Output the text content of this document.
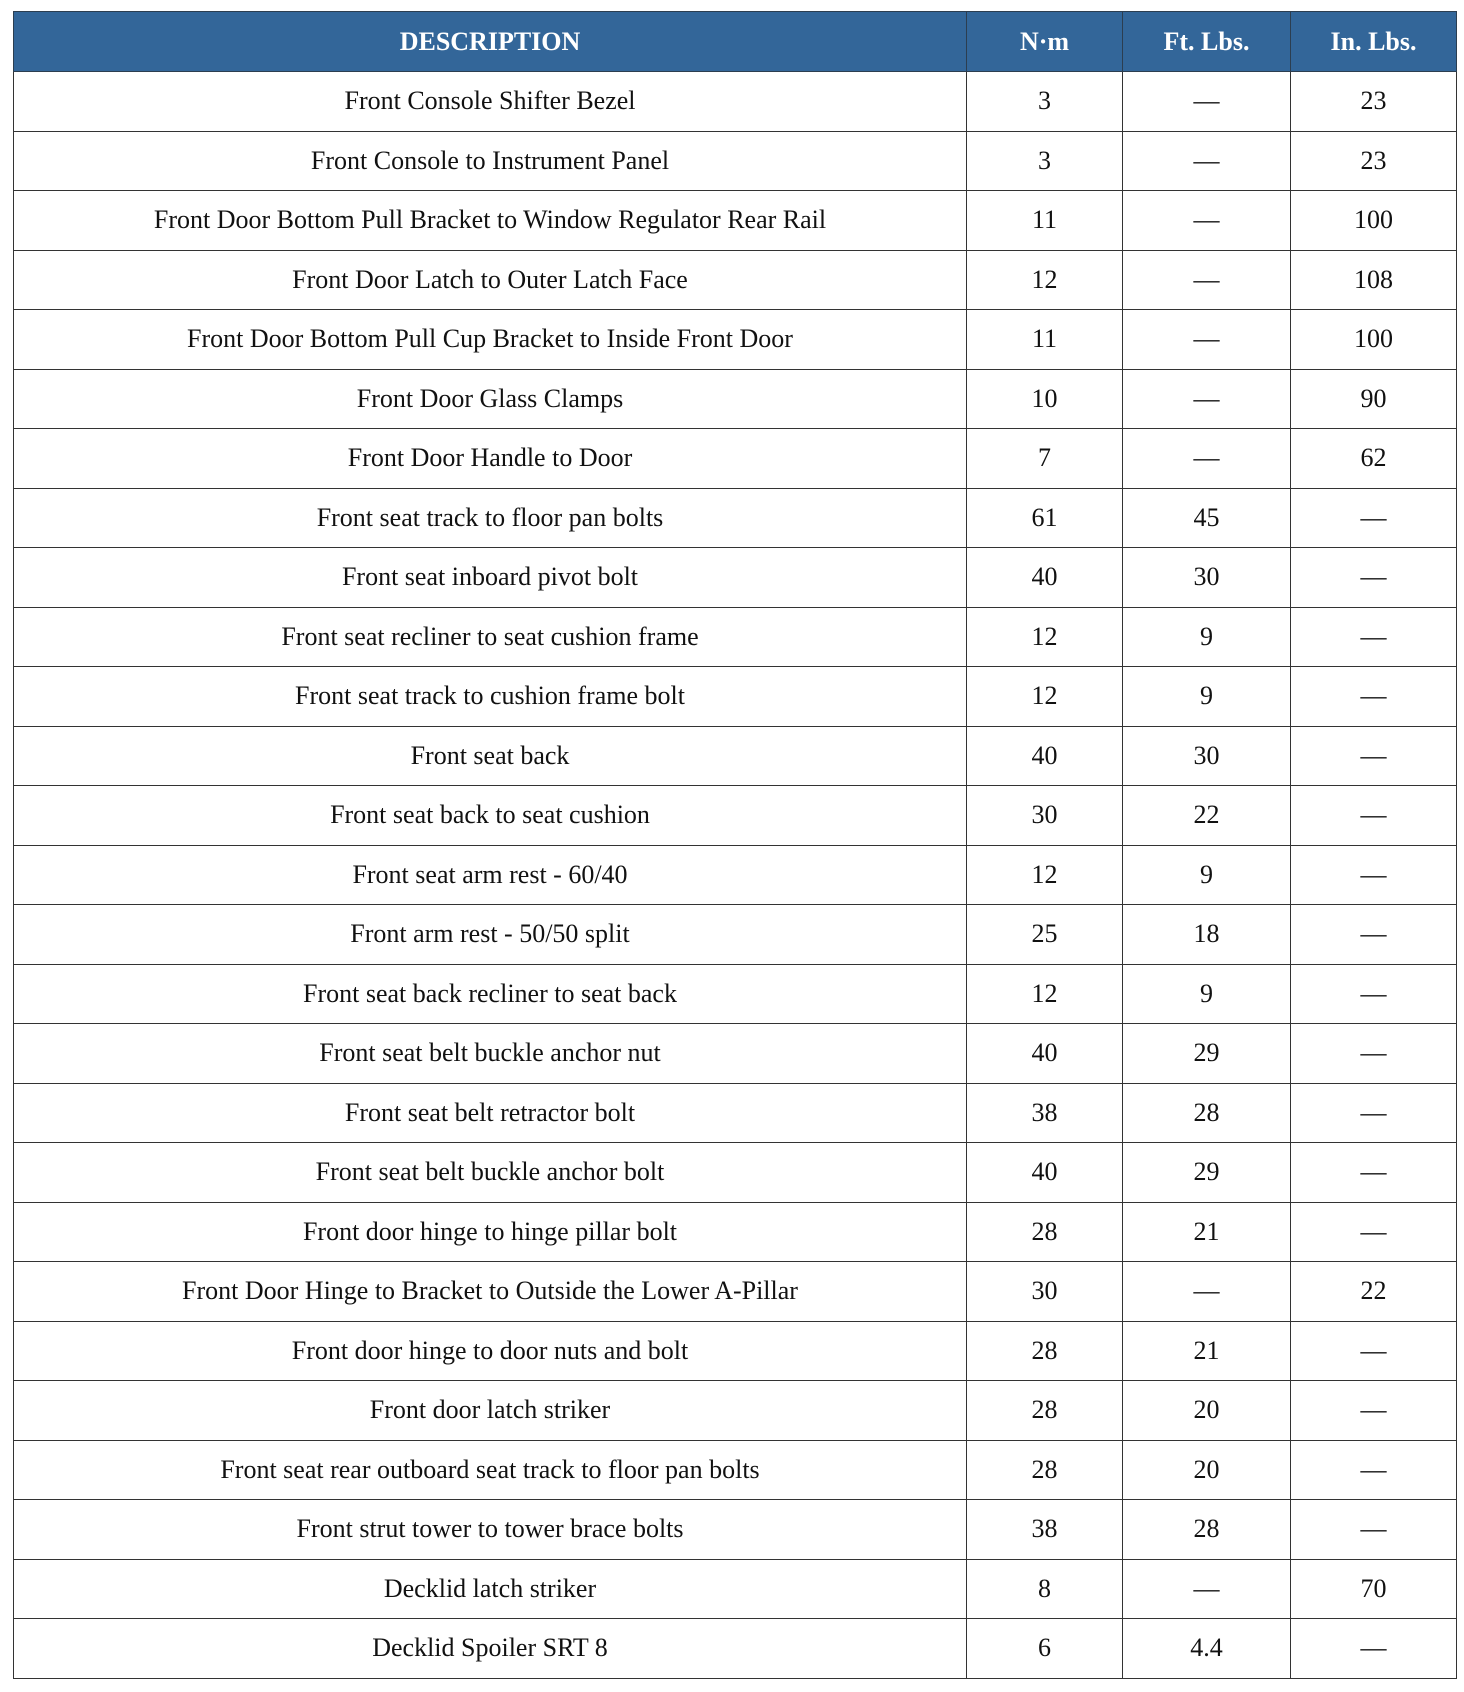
DESCRIPTION	N·m	Ft. Lbs.	In. Lbs.
Front Console Shifter Bezel	3	—	23
Front Console to Instrument Panel	3	—	23
Front Door Bottom Pull Bracket to Window Regulator Rear Rail	11	—	100
Front Door Latch to Outer Latch Face	12	—	108
Front Door Bottom Pull Cup Bracket to Inside Front Door	11	—	100
Front Door Glass Clamps	10	—	90
Front Door Handle to Door	7	—	62
Front seat track to floor pan bolts	61	45	—
Front seat inboard pivot bolt	40	30	—
Front seat recliner to seat cushion frame	12	9	—
Front seat track to cushion frame bolt	12	9	—
Front seat back	40	30	—
Front seat back to seat cushion	30	22	—
Front seat arm rest - 60/40	12	9	—
Front arm rest - 50/50 split	25	18	—
Front seat back recliner to seat back	12	9	—
Front seat belt buckle anchor nut	40	29	—
Front seat belt retractor bolt	38	28	—
Front seat belt buckle anchor bolt	40	29	—
Front door hinge to hinge pillar bolt	28	21	—
Front Door Hinge to Bracket to Outside the Lower A-Pillar	30	—	22
Front door hinge to door nuts and bolt	28	21	—
Front door latch striker	28	20	—
Front seat rear outboard seat track to floor pan bolts	28	20	—
Front strut tower to tower brace bolts	38	28	—
Decklid latch striker	8	—	70
Decklid Spoiler SRT 8	6	4.4	—
